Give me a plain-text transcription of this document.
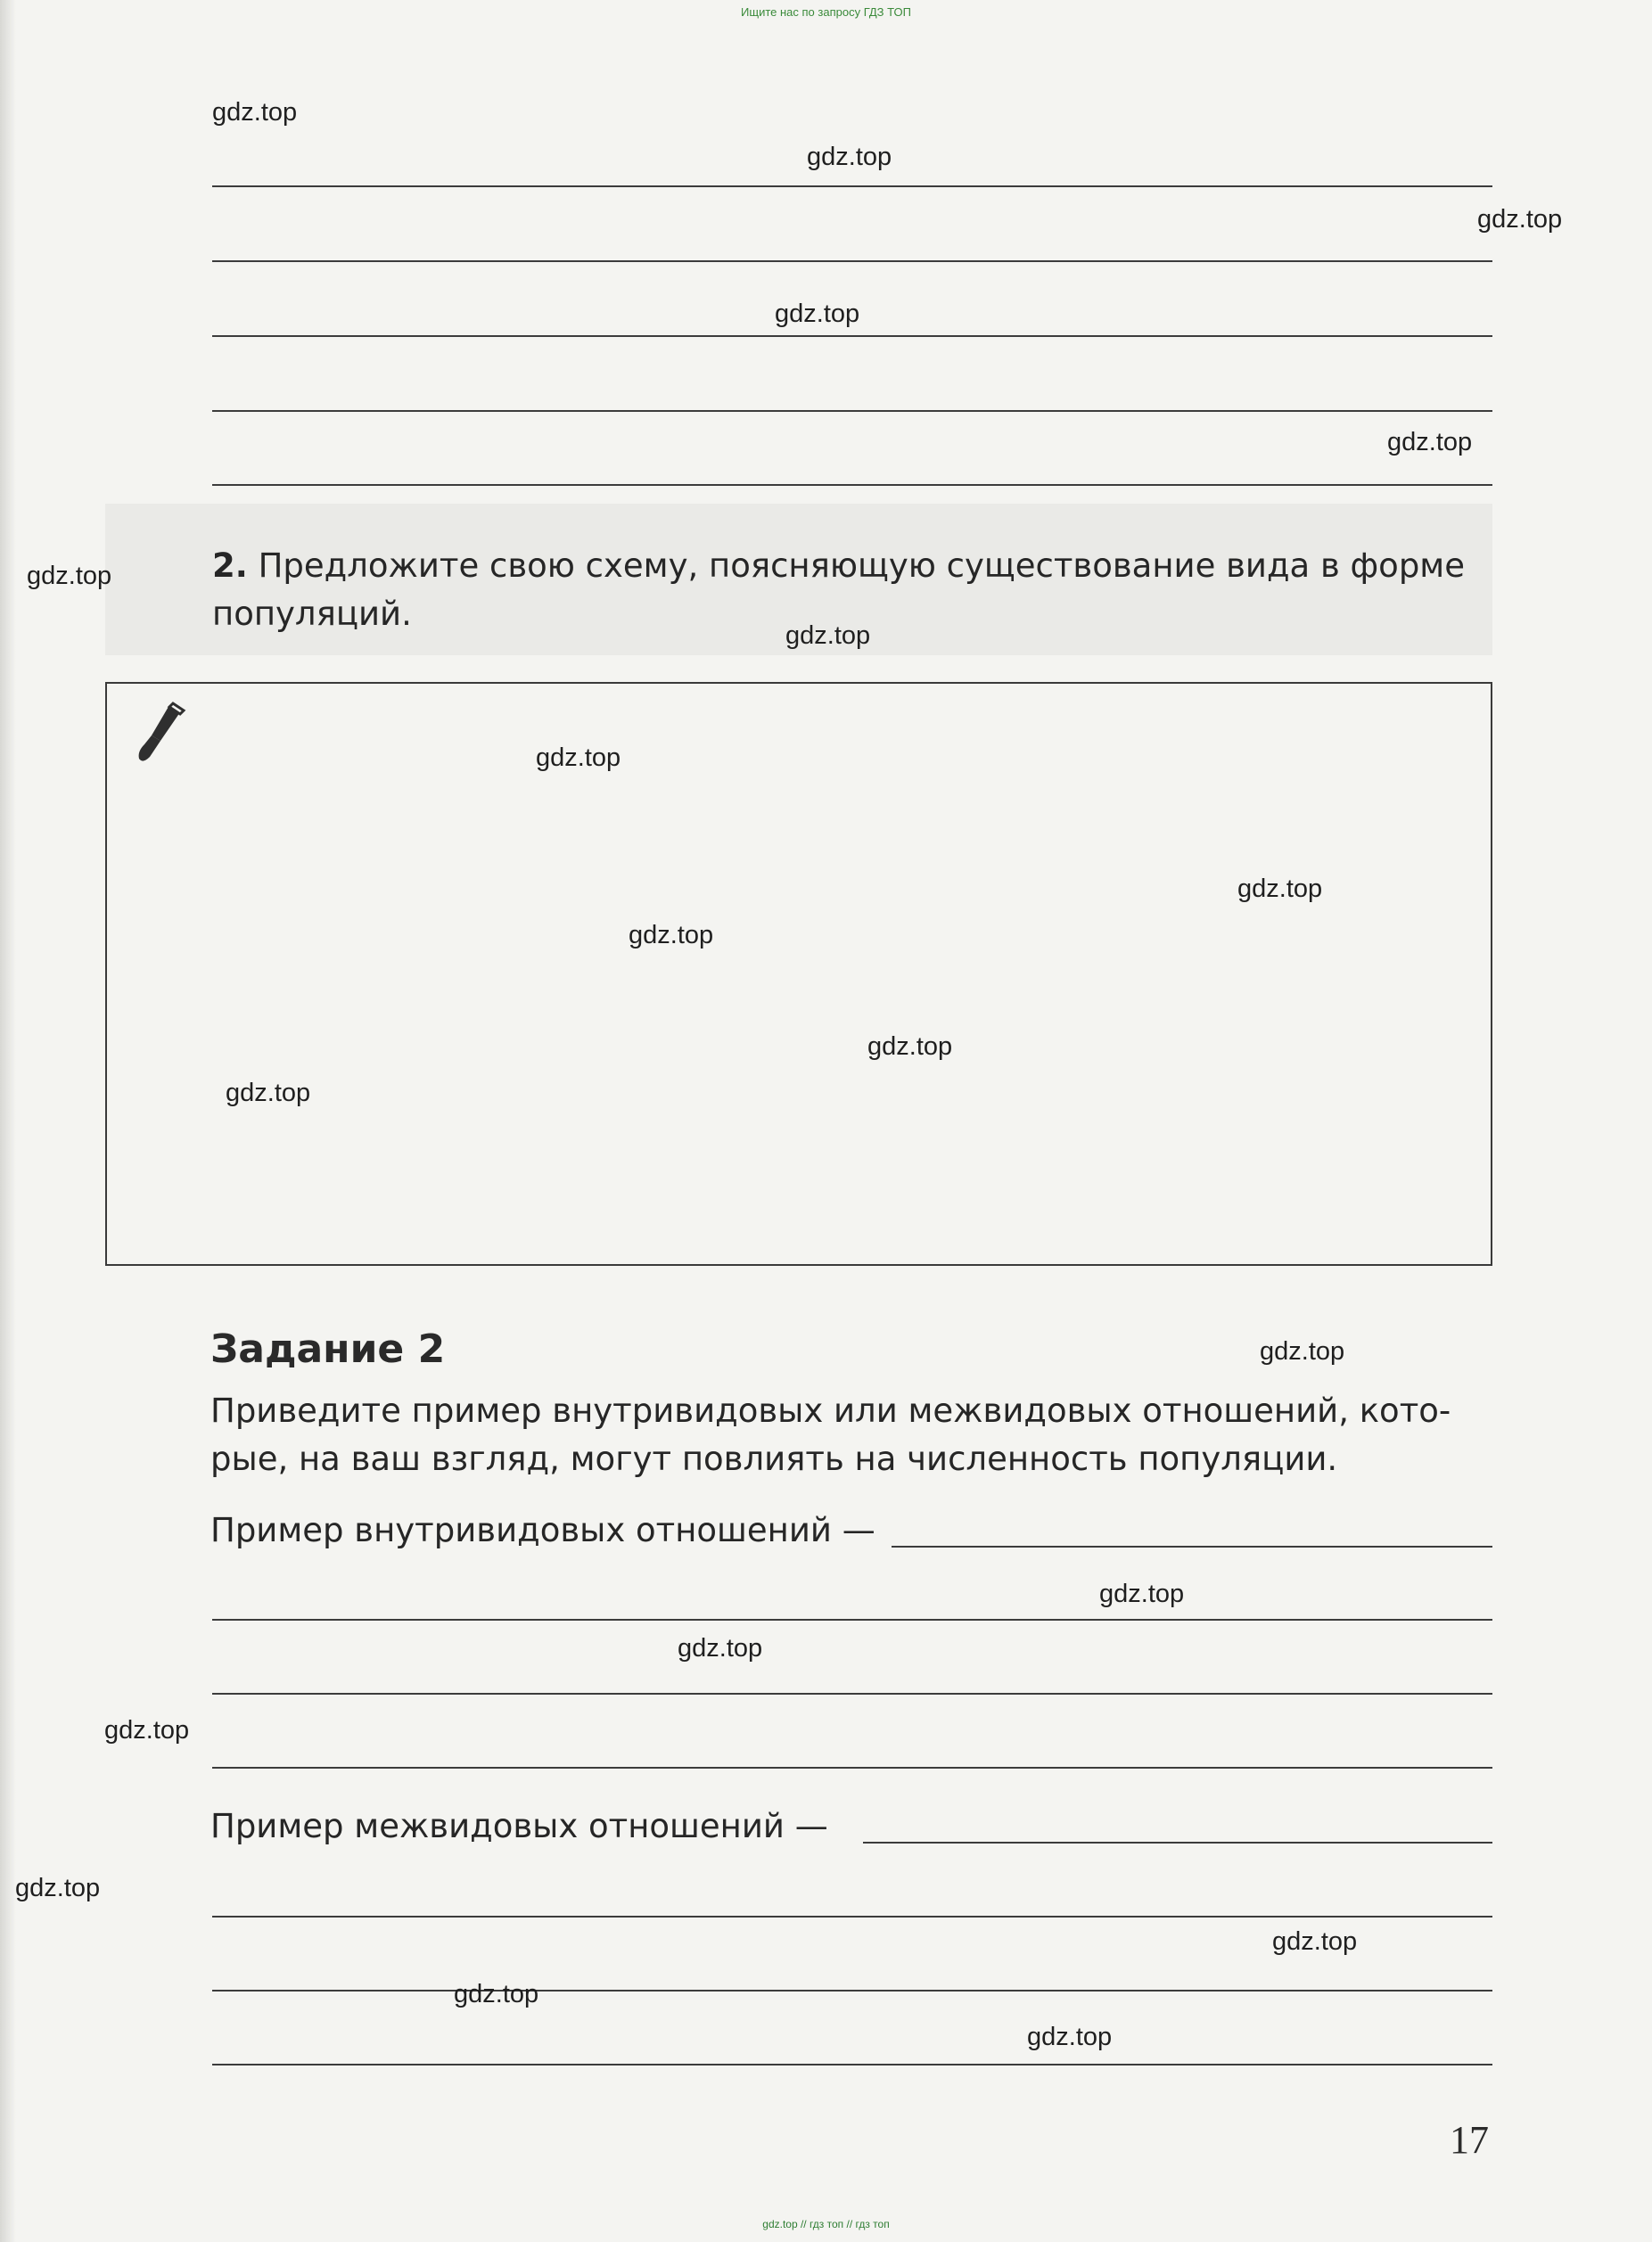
Ищите нас по запросу ГДЗ ТОП
2. Предложите свою схему, поясняющую существование вида в форме
популяций.
Задание 2
Приведите пример внутривидовых или межвидовых отношений, кото-
рые, на ваш взгляд, могут повлиять на численность популяции.
Пример внутривидовых отношений —
Пример межвидовых отношений —
17
gdz.top
gdz.top
gdz.top
gdz.top
gdz.top
gdz.top
gdz.top
gdz.top
gdz.top
gdz.top
gdz.top
gdz.top
gdz.top
gdz.top
gdz.top
gdz.top
gdz.top
gdz.top
gdz.top
gdz.top
gdz.top // гдз топ // гдз топ
